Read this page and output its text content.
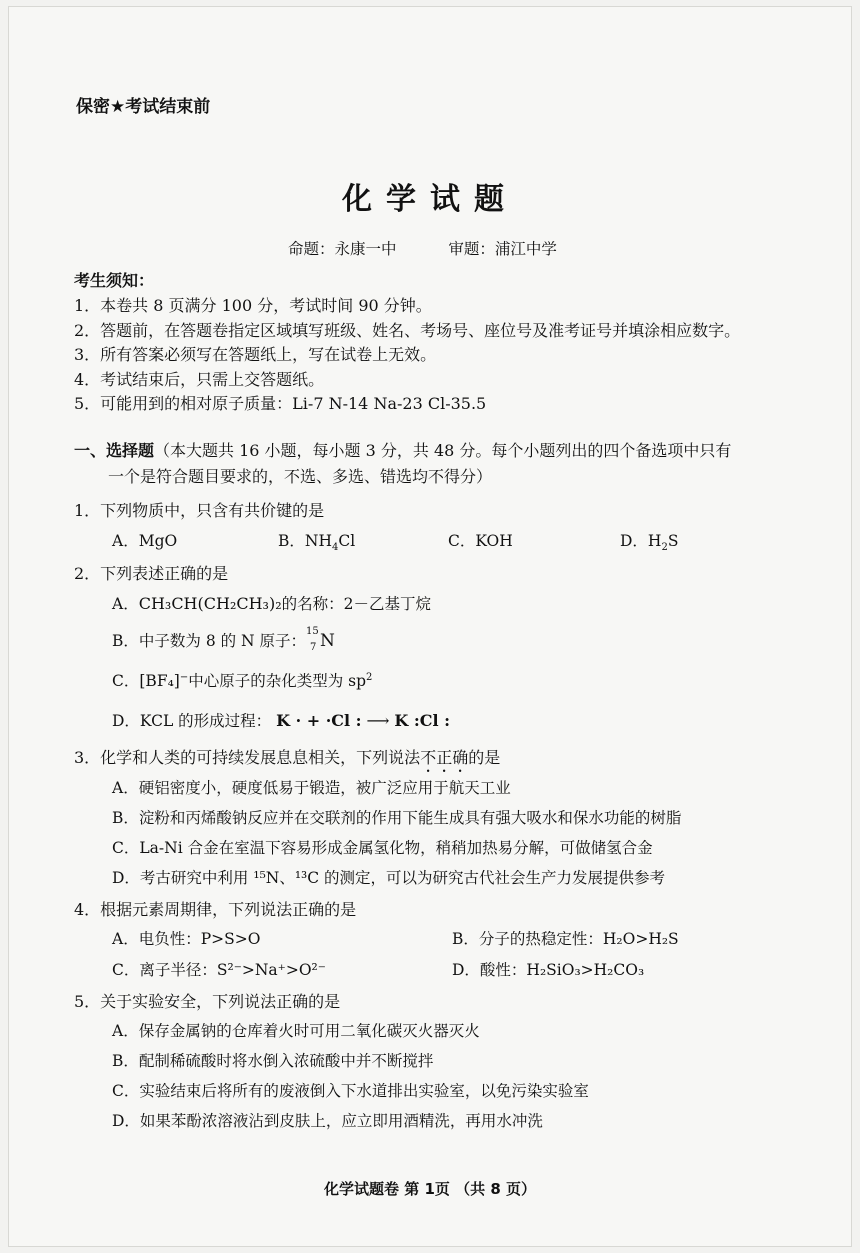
保密★考试结束前
化学试题
命题：永康一中	审题：浦江中学
考生须知：
1．本卷共 8 页满分 100 分，考试时间 90 分钟。
2．答题前，在答题卷指定区域填写班级、姓名、考场号、座位号及准考证号并填涂相应数字。
3．所有答案必须写在答题纸上，写在试卷上无效。
4．考试结束后，只需上交答题纸。
5．可能用到的相对原子质量：Li-7 N-14 Na-23 Cl-35.5
一、选择题（本大题共 16 小题，每小题 3 分，共 48 分。每个小题列出的四个备选项中只有
一个是符合题目要求的，不选、多选、错选均不得分）
1．下列物质中，只含有共价键的是
A．MgO	B．$NH_4Cl$	C．KOH	D．$H_2S$
2．下列表述正确的是
A．CH₃CH(CH₂CH₃)₂的名称：2－乙基丁烷
B．中子数为 8 的 N 原子：
15
7 N
C．[BF₄]−中心原子的杂化类型为 $sp^2$
D．KCL 的形成过程： K · + ·Cl : ⟶ K :Cl :
3．化学和人类的可持续发展息息相关，下列说法不正确的是
A．硬铝密度小，硬度低易于锻造，被广泛应用于航天工业
B．淀粉和丙烯酸钠反应并在交联剂的作用下能生成具有强大吸水和保水功能的树脂
C．La-Ni 合金在室温下容易形成金属氢化物，稍稍加热易分解，可做储氢合金
D．考古研究中利用 ¹⁵N、¹³C 的测定，可以为研究古代社会生产力发展提供参考
4．根据元素周期律，下列说法正确的是
A．电负性：P>S>O	B．分子的热稳定性：H₂O>H₂S
C．离子半径：S²⁻>Na⁺>O²⁻	D．酸性：H₂SiO₃>H₂CO₃
5．关于实验安全，下列说法正确的是
A．保存金属钠的仓库着火时可用二氧化碳灭火器灭火
B．配制稀硫酸时将水倒入浓硫酸中并不断搅拌
C．实验结束后将所有的废液倒入下水道排出实验室，以免污染实验室
D．如果苯酚浓溶液沾到皮肤上，应立即用酒精洗，再用水冲洗
化学试题卷 第 1页 （共 8 页）
